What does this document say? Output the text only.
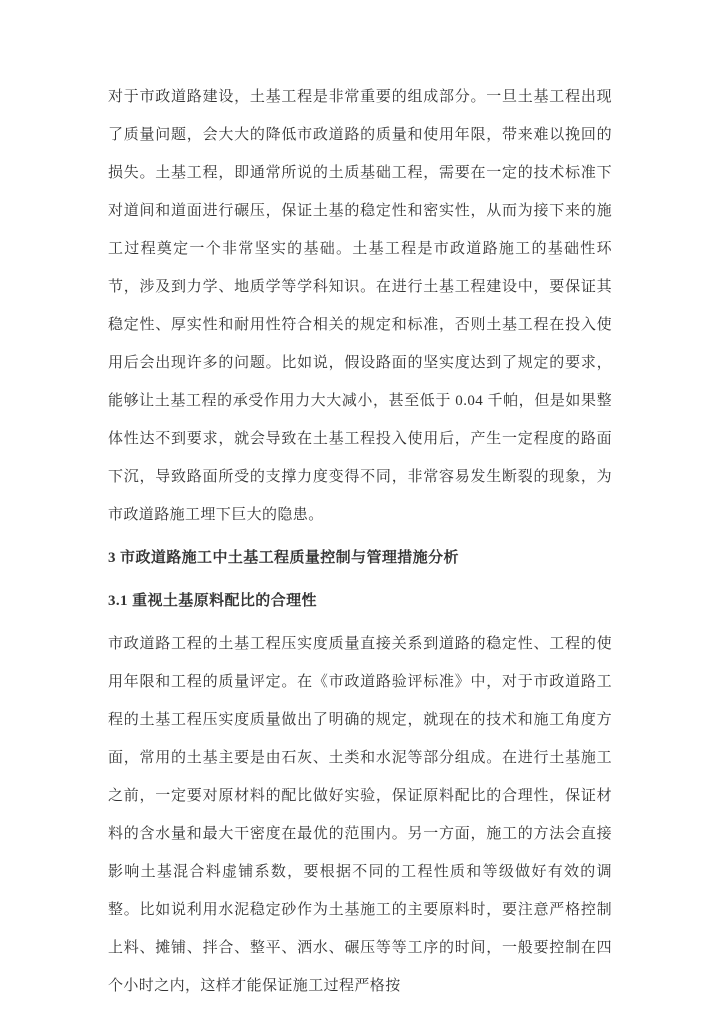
对于市政道路建设，土基工程是非常重要的组成部分。一旦土基工程出现了质量问题，会大大的降低市政道路的质量和使用年限，带来难以挽回的损失。土基工程，即通常所说的土质基础工程，需要在一定的技术标准下对道间和道面进行碾压，保证土基的稳定性和密实性，从而为接下来的施工过程奠定一个非常坚实的基础。土基工程是市政道路施工的基础性环节，涉及到力学、地质学等学科知识。在进行土基工程建设中，要保证其稳定性、厚实性和耐用性符合相关的规定和标准，否则土基工程在投入使用后会出现许多的问题。比如说，假设路面的坚实度达到了规定的要求，能够让土基工程的承受作用力大大减小，甚至低于 0.04 千帕，但是如果整体性达不到要求，就会导致在土基工程投入使用后，产生一定程度的路面下沉，导致路面所受的支撑力度变得不同，非常容易发生断裂的现象，为市政道路施工埋下巨大的隐患。

3 市政道路施工中土基工程质量控制与管理措施分析
3.1 重视土基原料配比的合理性

市政道路工程的土基工程压实度质量直接关系到道路的稳定性、工程的使用年限和工程的质量评定。在《市政道路验评标准》中，对于市政道路工程的土基工程压实度质量做出了明确的规定，就现在的技术和施工角度方面，常用的土基主要是由石灰、土类和水泥等部分组成。在进行土基施工之前，一定要对原材料的配比做好实验，保证原料配比的合理性，保证材料的含水量和最大干密度在最优的范围内。另一方面，施工的方法会直接影响土基混合料虚铺系数，要根据不同的工程性质和等级做好有效的调整。比如说利用水泥稳定砂作为土基施工的主要原料时，要注意严格控制上料、摊铺、拌合、整平、洒水、碾压等等工序的时间，一般要控制在四个小时之内，这样才能保证施工过程严格按
